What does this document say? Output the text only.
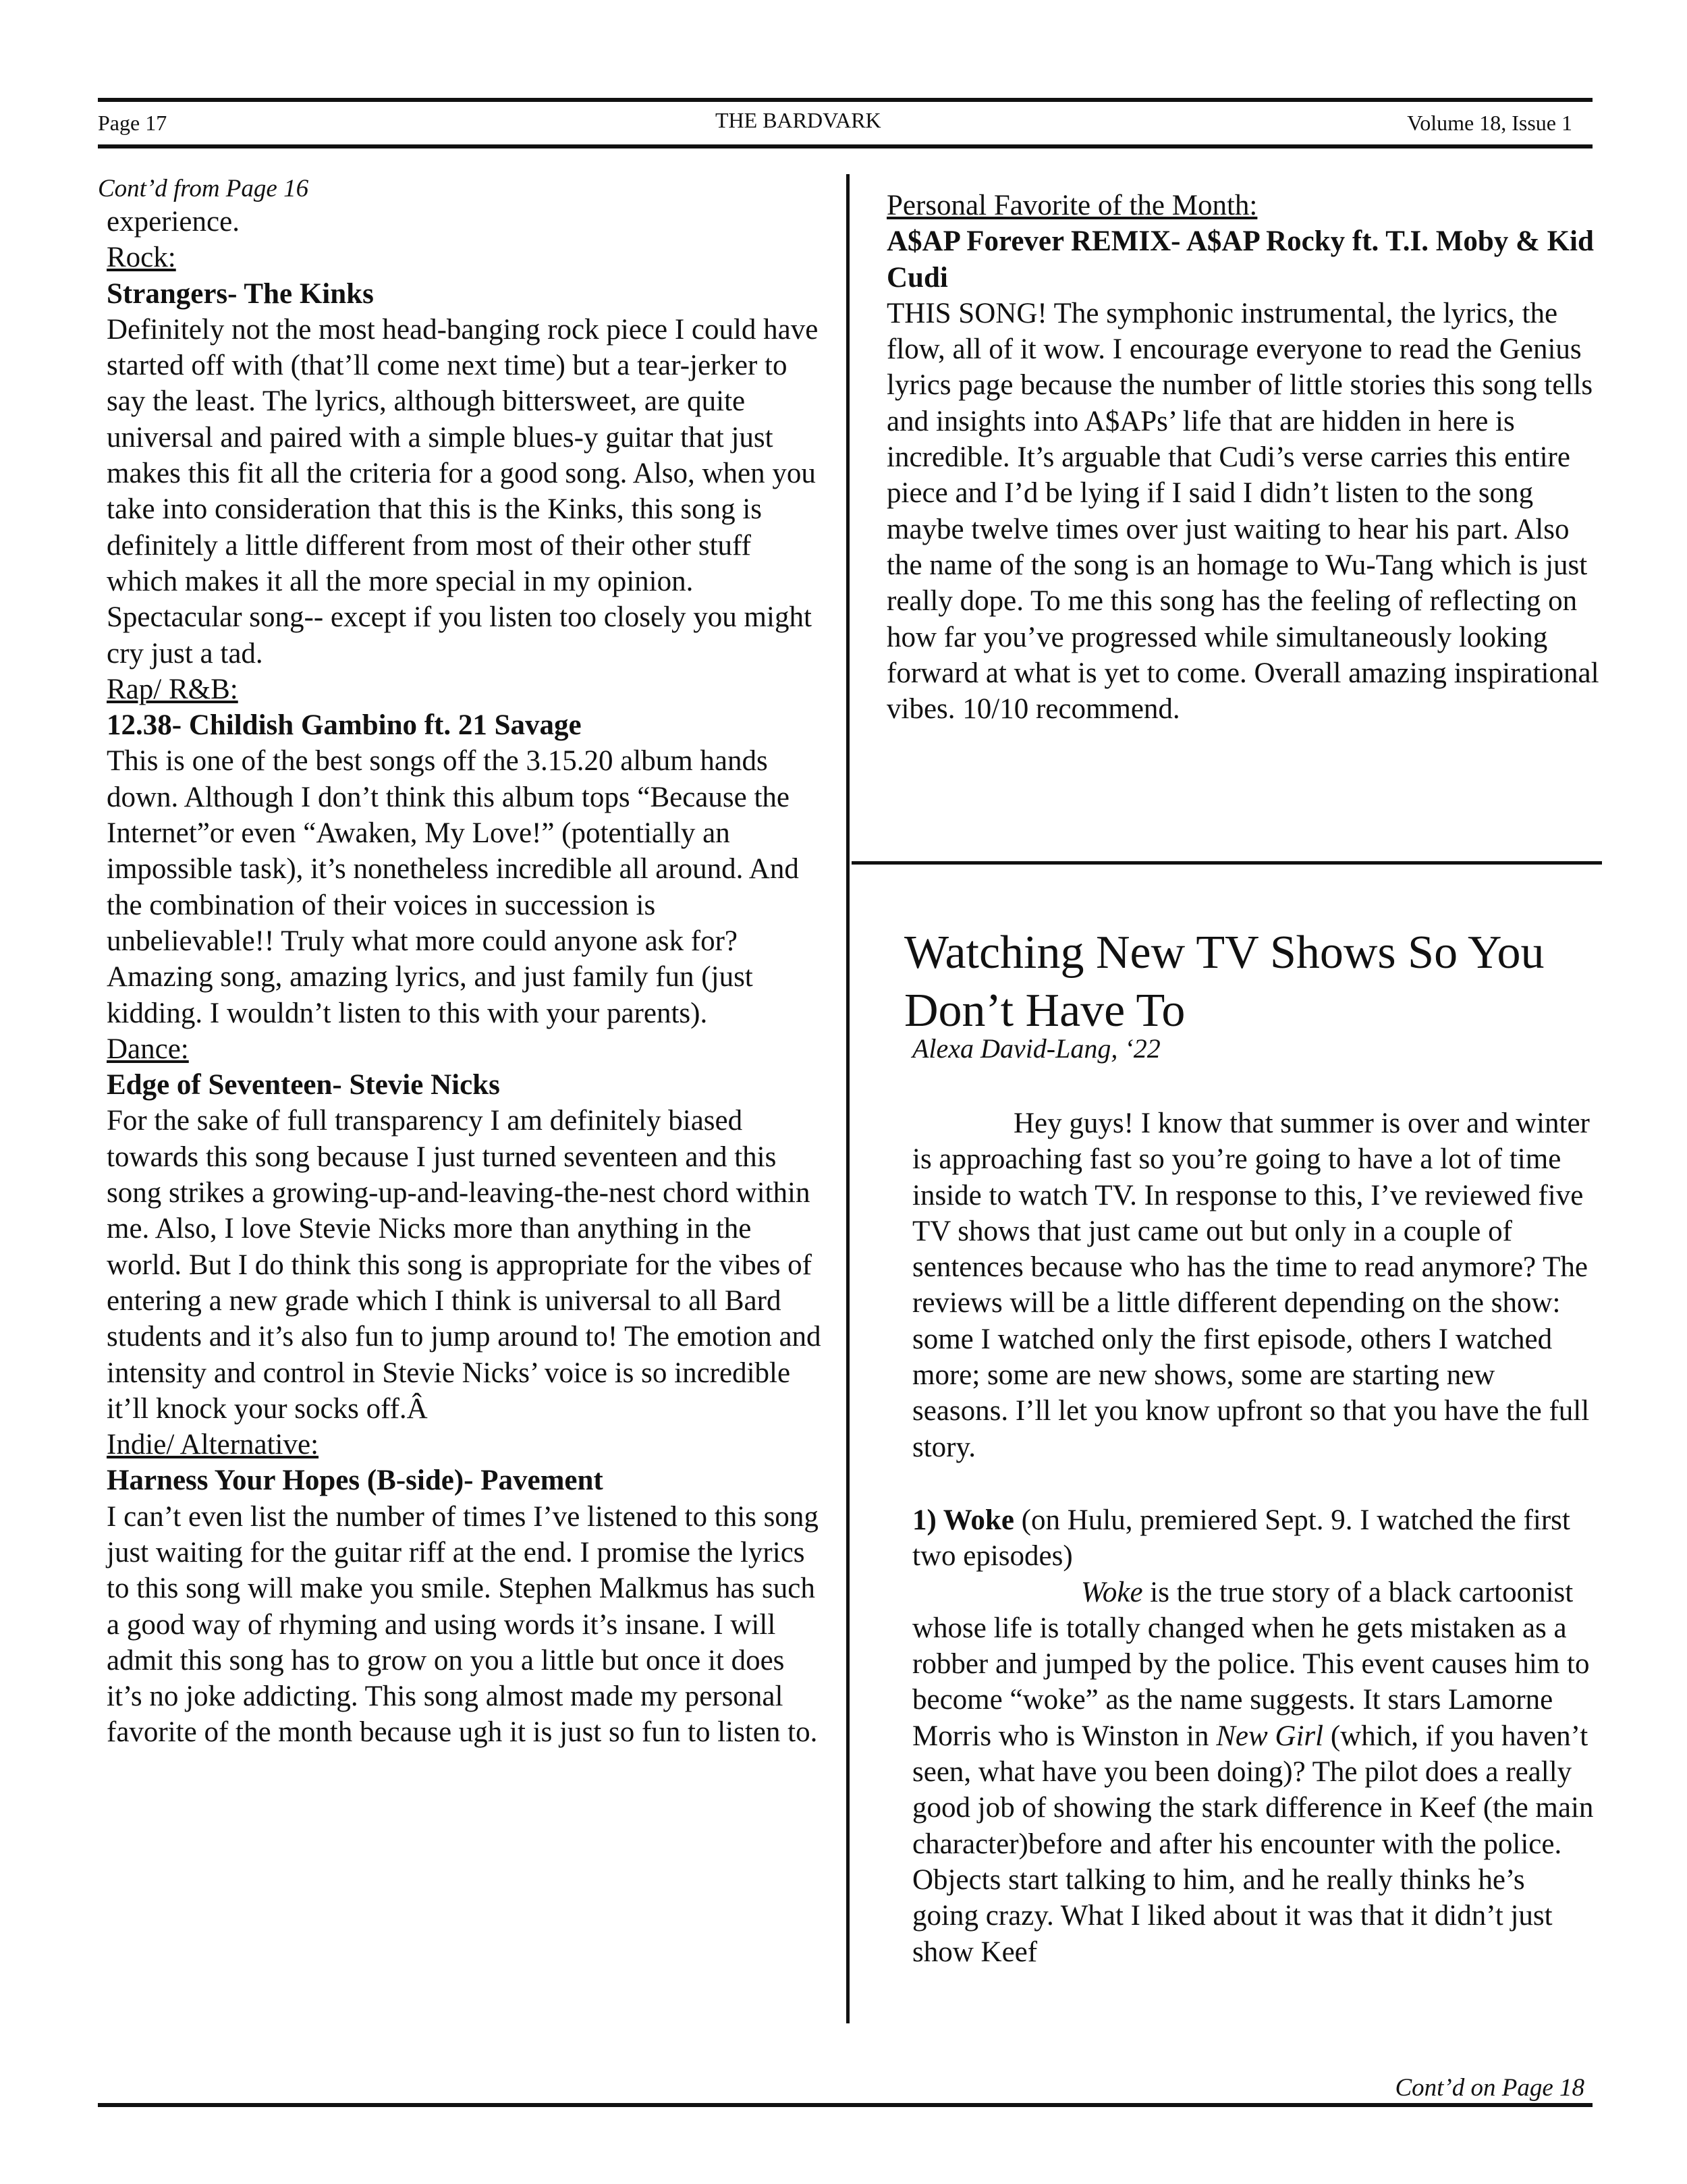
Page 17	THE BARDVARK	Volume 18, Issue 1
Cont’d from Page 16

experience.

Rock:

Strangers- The Kinks

Definitely not the most head-banging rock piece I could have started off with (that’ll come next time) but a tear-jerker to say the least. The lyrics, although bittersweet, are quite universal and paired with a simple blues-y guitar that just makes this fit all the criteria for a good song. Also, when you take into consideration that this is the Kinks, this song is definitely a little different from most of their other stuff which makes it all the more special in my opinion. Spectacular song-- except if you listen too closely you might cry just a tad.

Rap/ R&B:

12.38- Childish Gambino ft. 21 Savage

This is one of the best songs off the 3.15.20 album hands down. Although I don’t think this album tops “Because the Internet”or even “Awaken, My Love!” (potentially an impossible task), it’s nonetheless incredible all around. And the combination of their voices in succession is unbelievable!! Truly what more could anyone ask for? Amazing song, amazing lyrics, and just family fun (just kidding. I wouldn’t listen to this with your parents).

Dance:

Edge of Seventeen- Stevie Nicks

For the sake of full transparency I am definitely biased towards this song because I just turned seventeen and this song strikes a growing-up-and-leaving-the-nest chord within me. Also, I love Stevie Nicks more than anything in the world. But I do think this song is appropriate for the vibes of entering a new grade which I think is universal to all Bard students and it’s also fun to jump around to! The emotion and intensity and control in Stevie Nicks’ voice is so incredible it’ll knock your socks off.Â

Indie/ Alternative:

Harness Your Hopes (B-side)- Pavement

I can’t even list the number of times I’ve listened to this song just waiting for the guitar riff at the end. I promise the lyrics to this song will make you smile. Stephen Malkmus has such a good way of rhyming and using words it’s insane. I will admit this song has to grow on you a little but once it does it’s no joke addicting. This song almost made my personal favorite of the month because ugh it is just so fun to listen to.

Personal Favorite of the Month:

A$AP Forever REMIX- A$AP Rocky ft. T.I. Moby & Kid Cudi

THIS SONG! The symphonic instrumental, the lyrics, the flow, all of it wow. I encourage everyone to read the Genius lyrics page because the number of little stories this song tells and insights into A$APs’ life that are hidden in here is incredible. It’s arguable that Cudi’s verse carries this entire piece and I’d be lying if I said I didn’t listen to the song maybe twelve times over just waiting to hear his part. Also the name of the song is an homage to Wu-Tang which is just really dope. To me this song has the feeling of reflecting on how far you’ve progressed while simultaneously looking forward at what is yet to come. Overall amazing inspirational vibes. 10/10 recommend.

Watching New TV Shows So You Don’t Have To
Alexa David-Lang, ‘22

Hey guys! I know that summer is over and winter is approaching fast so you’re going to have a lot of time inside to watch TV. In response to this, I’ve reviewed five TV shows that just came out but only in a couple of sentences because who has the time to read anymore? The reviews will be a little different depending on the show: some I watched only the first episode, others I watched more; some are new shows, some are starting new seasons. I’ll let you know upfront so that you have the full story.

1) Woke (on Hulu, premiered Sept. 9. I watched the first two episodes)

Woke is the true story of a black cartoonist whose life is totally changed when he gets mistaken as a robber and jumped by the police. This event causes him to become “woke” as the name suggests. It stars Lamorne Morris who is Winston in New Girl (which, if you haven’t seen, what have you been doing)? The pilot does a really good job of showing the stark difference in Keef (the main character)before and after his encounter with the police. Objects start talking to him, and he really thinks he’s going crazy. What I liked about it was that it didn’t just show Keef

Cont’d on Page 18
